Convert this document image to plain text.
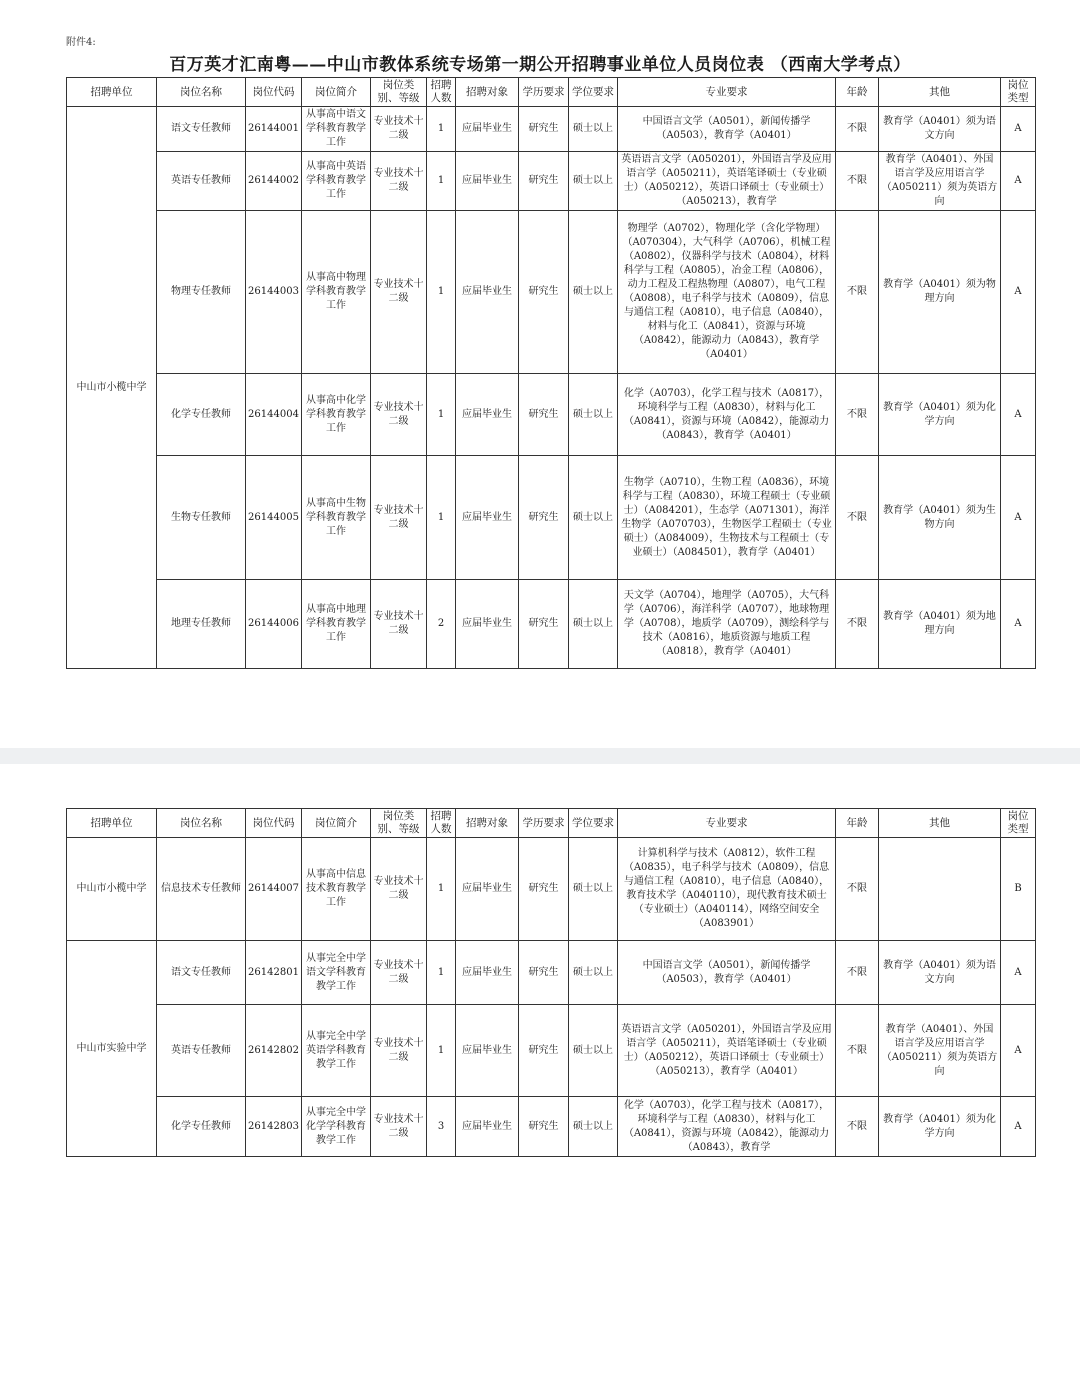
附件4:
百万英才汇南粤——中山市教体系统专场第一期公开招聘事业单位人员岗位表 （西南大学考点）
招聘单位	岗位名称	岗位代码	岗位简介	岗位类别、等级	招聘人数	招聘对象	学历要求	学位要求	专业要求	年龄	其他	岗位类型
中山市小榄中学	语文专任教师	26144001	从事高中语文学科教育教学工作	专业技术十二级	1	应届毕业生	研究生	硕士以上	中国语言文学（A0501），新闻传播学（A0503），教育学（A0401）	不限	教育学（A0401）须为语文方向	A
	英语专任教师	26144002	从事高中英语学科教育教学工作	专业技术十二级	1	应届毕业生	研究生	硕士以上	英语语言文学（A050201），外国语言学及应用语言学（A050211），英语笔译硕士（专业硕士）（A050212），英语口译硕士（专业硕士）（A050213），教育学	不限	教育学（A0401）、外国语言学及应用语言学（A050211）须为英语方向	A
	物理专任教师	26144003	从事高中物理学科教育教学工作	专业技术十二级	1	应届毕业生	研究生	硕士以上	物理学（A0702），物理化学（含化学物理）（A070304），大气科学（A0706），机械工程（A0802），仪器科学与技术（A0804），材料科学与工程（A0805），冶金工程（A0806），动力工程及工程热物理（A0807），电气工程（A0808），电子科学与技术（A0809），信息与通信工程（A0810），电子信息（A0840），材料与化工（A0841），资源与环境（A0842），能源动力（A0843），教育学（A0401）	不限	教育学（A0401）须为物理方向	A
	化学专任教师	26144004	从事高中化学学科教育教学工作	专业技术十二级	1	应届毕业生	研究生	硕士以上	化学（A0703），化学工程与技术（A0817），环境科学与工程（A0830），材料与化工（A0841），资源与环境（A0842），能源动力（A0843），教育学（A0401）	不限	教育学（A0401）须为化学方向	A
	生物专任教师	26144005	从事高中生物学科教育教学工作	专业技术十二级	1	应届毕业生	研究生	硕士以上	生物学（A0710），生物工程（A0836），环境科学与工程（A0830），环境工程硕士（专业硕士）（A084201），生态学（A071301），海洋生物学（A070703），生物医学工程硕士（专业硕士）（A084009），生物技术与工程硕士（专业硕士）（A084501），教育学（A0401）	不限	教育学（A0401）须为生物方向	A
	地理专任教师	26144006	从事高中地理学科教育教学工作	专业技术十二级	2	应届毕业生	研究生	硕士以上	天文学（A0704），地理学（A0705），大气科学（A0706），海洋科学（A0707），地球物理学（A0708），地质学（A0709），测绘科学与技术（A0816），地质资源与地质工程（A0818），教育学（A0401）	不限	教育学（A0401）须为地理方向	A
招聘单位	岗位名称	岗位代码	岗位简介	岗位类别、等级	招聘人数	招聘对象	学历要求	学位要求	专业要求	年龄	其他	岗位类型
中山市小榄中学	信息技术专任教师	26144007	从事高中信息技术教育教学工作	专业技术十二级	1	应届毕业生	研究生	硕士以上	计算机科学与技术（A0812），软件工程（A0835），电子科学与技术（A0809），信息与通信工程（A0810），电子信息（A0840），教育技术学（A040110），现代教育技术硕士（专业硕士）（A040114），网络空间安全（A083901）	不限		B
中山市实验中学	语文专任教师	26142801	从事完全中学语文学科教育教学工作	专业技术十二级	1	应届毕业生	研究生	硕士以上	中国语言文学（A0501），新闻传播学（A0503），教育学（A0401）	不限	教育学（A0401）须为语文方向	A
	英语专任教师	26142802	从事完全中学英语学科教育教学工作	专业技术十二级	1	应届毕业生	研究生	硕士以上	英语语言文学（A050201），外国语言学及应用语言学（A050211），英语笔译硕士（专业硕士）（A050212），英语口译硕士（专业硕士）（A050213），教育学（A0401）	不限	教育学（A0401）、外国语言学及应用语言学（A050211）须为英语方向	A
	化学专任教师	26142803	从事完全中学化学学科教育教学工作	专业技术十二级	3	应届毕业生	研究生	硕士以上	化学（A0703），化学工程与技术（A0817），环境科学与工程（A0830），材料与化工（A0841），资源与环境（A0842），能源动力（A0843），教育学	不限	教育学（A0401）须为化学方向	A
